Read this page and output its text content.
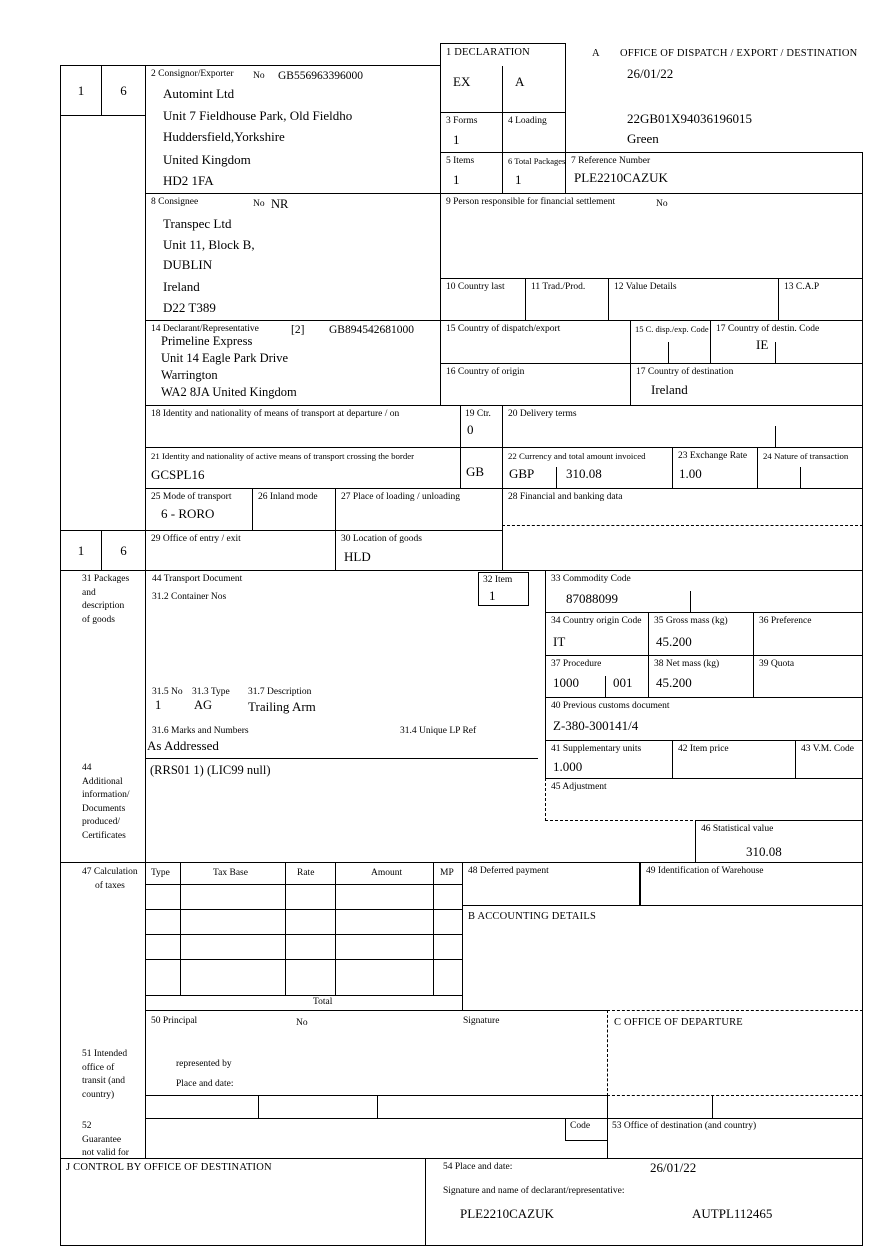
1	6
1	6
1 DECLARATION
EX	A
A OFFICE OF DISPATCH / EXPORT / DESTINATION
26/01/22
22GB01X94036196015
Green
2 Consignor/Exporter No GB556963396000
Automint Ltd
Unit 7 Fieldhouse Park, Old Fieldho
Huddersfield,Yorkshire
United Kingdom
HD2 1FA
3 Forms
1
4 Loading
5 Items
1
6 Total Packages
1
7 Reference Number
PLE2210CAZUK
8 Consignee	No NR
Transpec Ltd
Unit 11, Block B,
DUBLIN
Ireland
D22 T389
9 Person responsible for financial settlement	No
10 Country last	11 Trad./Prod.	12 Value Details	13 C.A.P
14 Declarant/Representative	[2] GB894542681000
Primeline Express
Unit 14 Eagle Park Drive
Warrington
WA2 8JA United Kingdom
15 Country of dispatch/export	15 C. disp./exp. Code 17 Country of destin. Code
IE
16 Country of origin	17 Country of destination
Ireland
18 Identity and nationality of means of transport at departure / on	19 Ctr.
0
20 Delivery terms
21 Identity and nationality of active means of transport crossing the border
GCSPL16	GB
22 Currency and total amount invoiced
GBP 310.08
23 Exchange Rate
1.00
24 Nature of transaction
25 Mode of transport
6 - RORO
26 Inland mode 27 Place of loading / unloading	28 Financial and banking data
29 Office of entry / exit	30 Location of goods
HLD
31 Packages
and
description
of goods
44 Transport Document
31.2 Container Nos
32 Item
1
33 Commodity Code
87088099
34 Country origin Code
IT
35 Gross mass (kg)
45.200
36 Preference
37 Procedure
1000	001
38 Net mass (kg)
45.200
39 Quota
31.5 No
1
31.3 Type
AG
31.7 Description
Trailing Arm	40 Previous customs document
Z-380-300141/4
31.6 Marks and Numbers	31.4 Unique LP Ref
As Addressed	41 Supplementary units
1.000
42 Item price	43 V.M. Code
(RRS01 1) (LIC99 null)
44
Additional
information/
Documents
produced/
Certificates
45 Adjustment
46 Statistical value
310.08
47 Calculation
of taxes
Type	Tax Base	Rate	Amount	MP
Total
48 Deferred payment	49 Identification of Warehouse
B ACCOUNTING DETAILS
50 Principal	No	Signature
represented by
Place and date:
C OFFICE OF DEPARTURE
51 Intended
office of
transit (and
country)
52
Guarantee
not valid for
Code 53 Office of destination (and country)
J CONTROL BY OFFICE OF DESTINATION	54 Place and date:	26/01/22
Signature and name of declarant/representative:
PLE2210CAZUK	AUTPL112465
